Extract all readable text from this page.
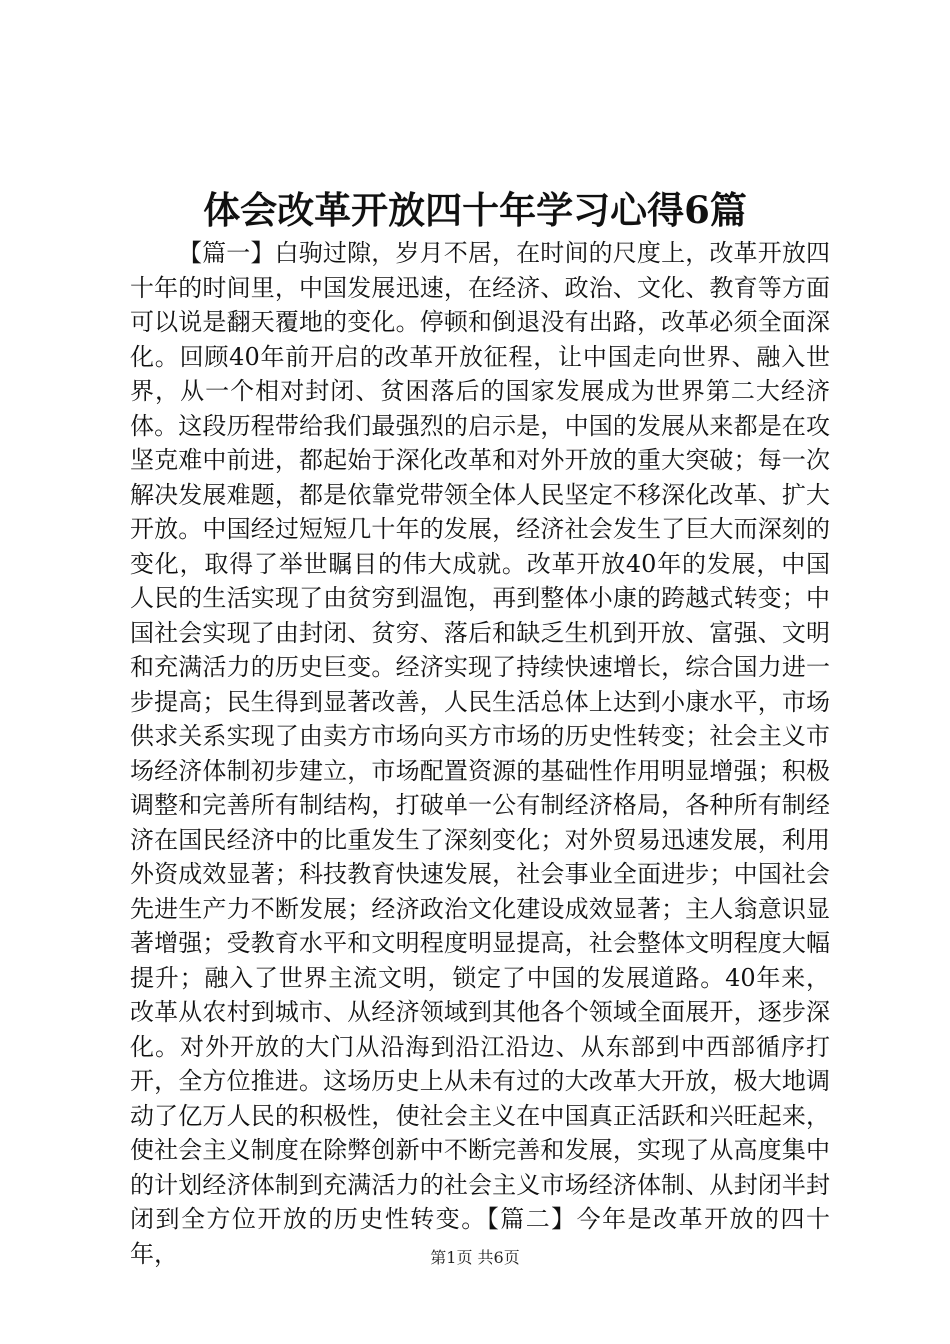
体会改革开放四十年学习心得6篇

【篇一】白驹过隙，岁月不居，在时间的尺度上，改革开放四十年的时间里，中国发展迅速，在经济、政治、文化、教育等方面可以说是翻天覆地的变化。停顿和倒退没有出路，改革必须全面深化。回顾40年前开启的改革开放征程，让中国走向世界、融入世界，从一个相对封闭、贫困落后的国家发展成为世界第二大经济体。这段历程带给我们最强烈的启示是，中国的发展从来都是在攻坚克难中前进，都起始于深化改革和对外开放的重大突破；每一次解决发展难题，都是依靠党带领全体人民坚定不移深化改革、扩大开放。中国经过短短几十年的发展，经济社会发生了巨大而深刻的变化，取得了举世瞩目的伟大成就。改革开放40年的发展，中国人民的生活实现了由贫穷到温饱，再到整体小康的跨越式转变；中国社会实现了由封闭、贫穷、落后和缺乏生机到开放、富强、文明和充满活力的历史巨变。经济实现了持续快速增长，综合国力进一步提高；民生得到显著改善，人民生活总体上达到小康水平，市场供求关系实现了由卖方市场向买方市场的历史性转变；社会主义市场经济体制初步建立，市场配置资源的基础性作用明显增强；积极调整和完善所有制结构，打破单一公有制经济格局，各种所有制经济在国民经济中的比重发生了深刻变化；对外贸易迅速发展，利用外资成效显著；科技教育快速发展，社会事业全面进步；中国社会先进生产力不断发展；经济政治文化建设成效显著；主人翁意识显著增强；受教育水平和文明程度明显提高，社会整体文明程度大幅提升；融入了世界主流文明，锁定了中国的发展道路。40年来，改革从农村到城市、从经济领域到其他各个领域全面展开，逐步深化。对外开放的大门从沿海到沿江沿边、从东部到中西部循序打开，全方位推进。这场历史上从未有过的大改革大开放，极大地调动了亿万人民的积极性，使社会主义在中国真正活跃和兴旺起来，使社会主义制度在除弊创新中不断完善和发展，实现了从高度集中的计划经济体制到充满活力的社会主义市场经济体制、从封闭半封闭到全方位开放的历史性转变。【篇二】今年是改革开放的四十年，	第1页 共6页
